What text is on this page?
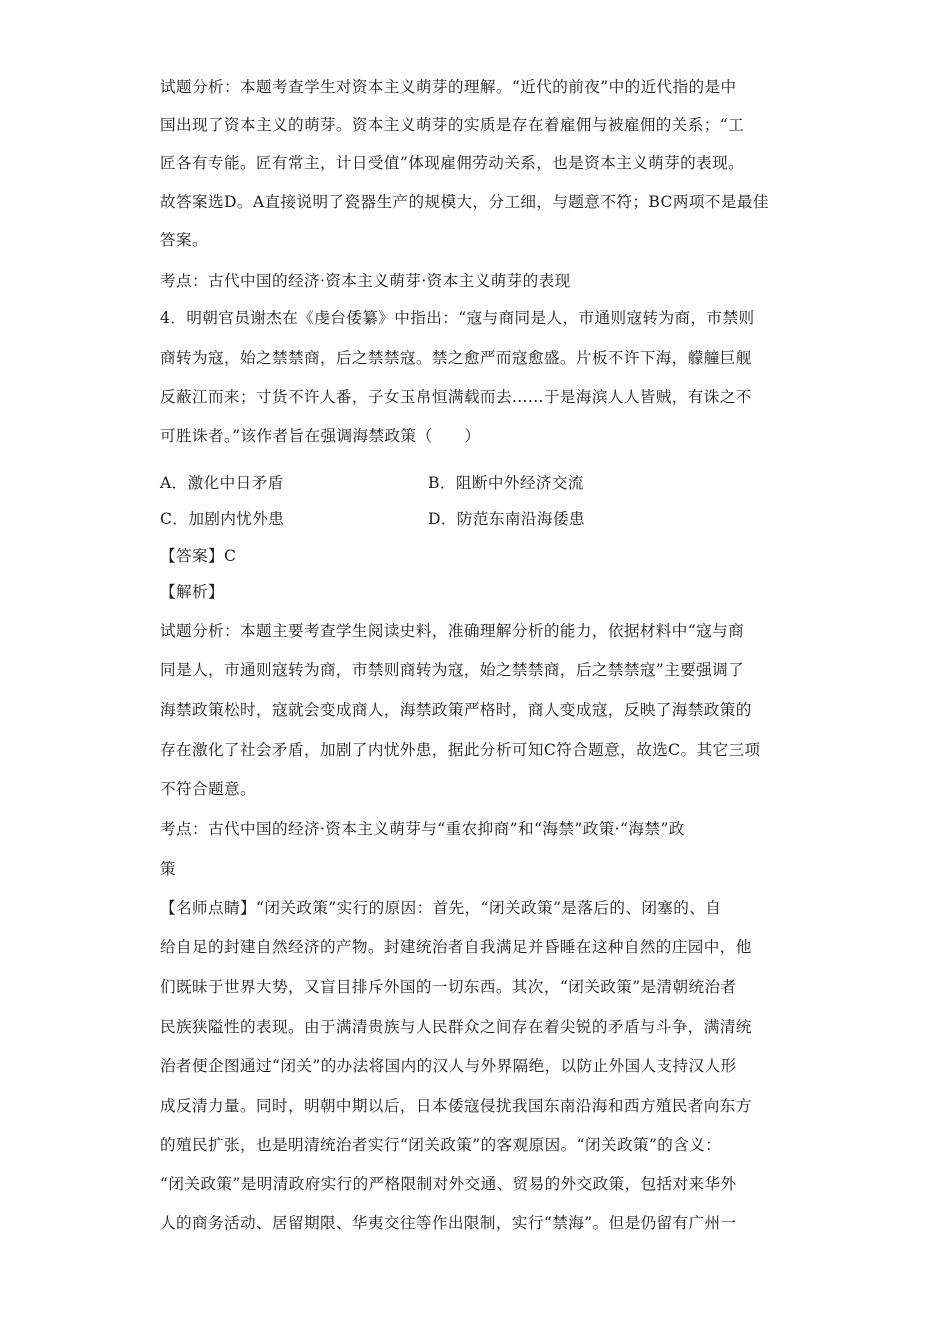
试题分析：本题考查学生对资本主义萌芽的理解。“近代的前夜”中的近代指的是中
国出现了资本主义的萌芽。资本主义萌芽的实质是存在着雇佣与被雇佣的关系；“工
匠各有专能。匠有常主，计日受值”体现雇佣劳动关系，也是资本主义萌芽的表现。
故答案选D。A直接说明了瓷器生产的规模大，分工细，与题意不符；BC两项不是最佳
答案。
考点：古代中国的经济·资本主义萌芽·资本主义萌芽的表现
4．明朝官员谢杰在《虔台倭纂》中指出：“寇与商同是人，市通则寇转为商，市禁则
商转为寇，始之禁禁商，后之禁禁寇。禁之愈严而寇愈盛。片板不许下海，艨艟巨舰
反蔽江而来；寸货不许人番，子女玉帛恒满载而去……于是海滨人人皆贼，有诛之不
可胜诛者。”该作者旨在强调海禁政策（　　）
A．激化中日矛盾	B．阻断中外经济交流
C．加剧内忧外患	D．防范东南沿海倭患
【答案】C
【解析】
试题分析：本题主要考查学生阅读史料，准确理解分析的能力，依据材料中“寇与商
同是人，市通则寇转为商，市禁则商转为寇，始之禁禁商，后之禁禁寇”主要强调了
海禁政策松时，寇就会变成商人，海禁政策严格时，商人变成寇，反映了海禁政策的
存在激化了社会矛盾，加剧了内忧外患，据此分析可知C符合题意，故选C。其它三项
不符合题意。
考点：古代中国的经济·资本主义萌芽与“重农抑商”和“海禁”政策·“海禁”政
策
【名师点睛】“闭关政策”实行的原因：首先，“闭关政策”是落后的、闭塞的、自
给自足的封建自然经济的产物。封建统治者自我满足并昏睡在这种自然的庄园中，他
们既昧于世界大势，又盲目排斥外国的一切东西。其次，“闭关政策”是清朝统治者
民族狭隘性的表现。由于满清贵族与人民群众之间存在着尖锐的矛盾与斗争，满清统
治者便企图通过“闭关”的办法将国内的汉人与外界隔绝，以防止外国人支持汉人形
成反清力量。同时，明朝中期以后，日本倭寇侵扰我国东南沿海和西方殖民者向东方
的殖民扩张，也是明清统治者实行“闭关政策”的客观原因。“闭关政策”的含义：
“闭关政策”是明清政府实行的严格限制对外交通、贸易的外交政策，包括对来华外
人的商务活动、居留期限、华夷交往等作出限制，实行“禁海”。但是仍留有广州一
